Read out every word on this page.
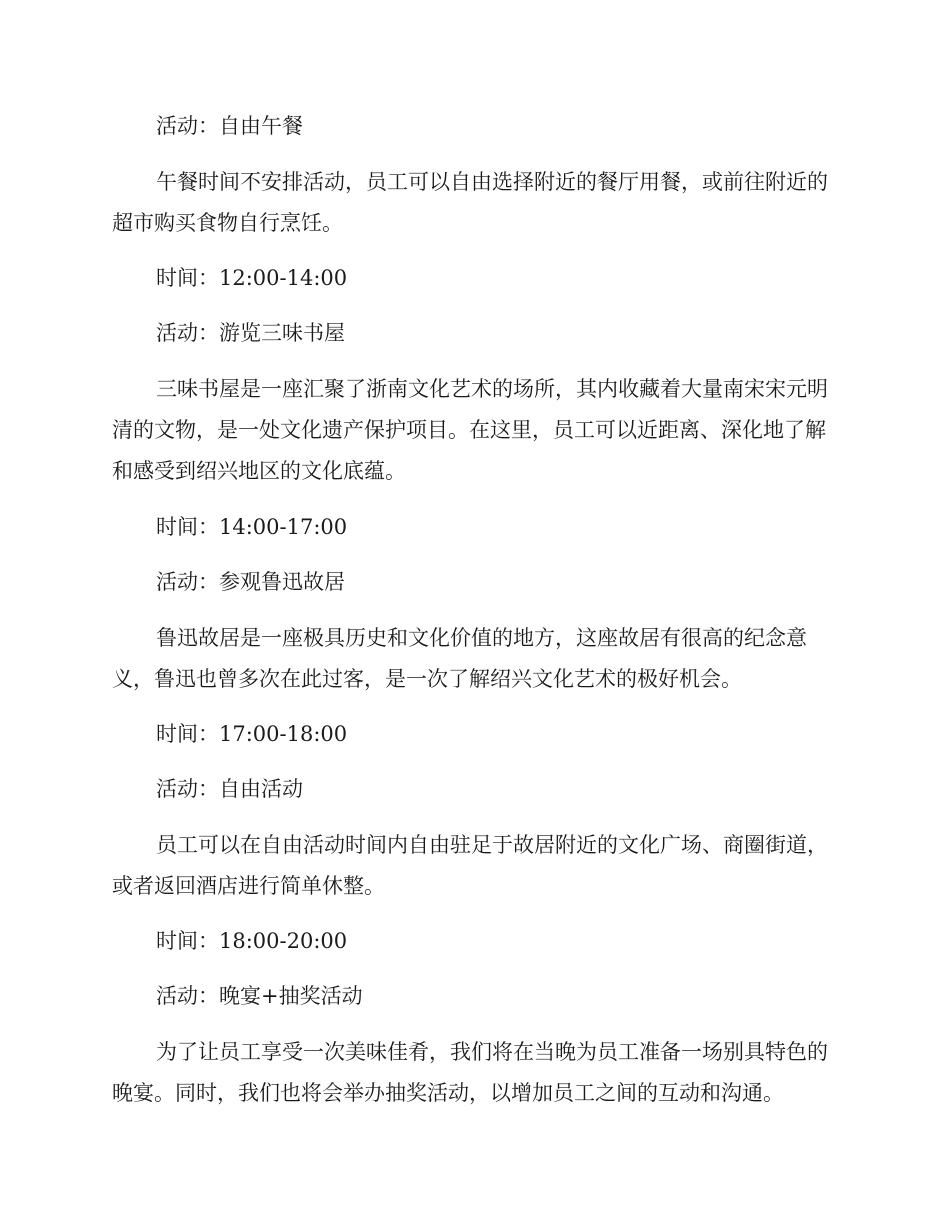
活动：自由午餐

午餐时间不安排活动，员工可以自由选择附近的餐厅用餐，或前往附近的超市购买食物自行烹饪。

时间：12:00-14:00

活动：游览三味书屋

三味书屋是一座汇聚了浙南文化艺术的场所，其内收藏着大量南宋宋元明清的文物，是一处文化遗产保护项目。在这里，员工可以近距离、深化地了解和感受到绍兴地区的文化底蕴。

时间：14:00-17:00

活动：参观鲁迅故居

鲁迅故居是一座极具历史和文化价值的地方，这座故居有很高的纪念意义，鲁迅也曾多次在此过客，是一次了解绍兴文化艺术的极好机会。

时间：17:00-18:00

活动：自由活动

员工可以在自由活动时间内自由驻足于故居附近的文化广场、商圈街道，或者返回酒店进行简单休整。

时间：18:00-20:00

活动：晚宴+抽奖活动

为了让员工享受一次美味佳肴，我们将在当晚为员工准备一场别具特色的晚宴。同时，我们也将会举办抽奖活动，以增加员工之间的互动和沟通。
